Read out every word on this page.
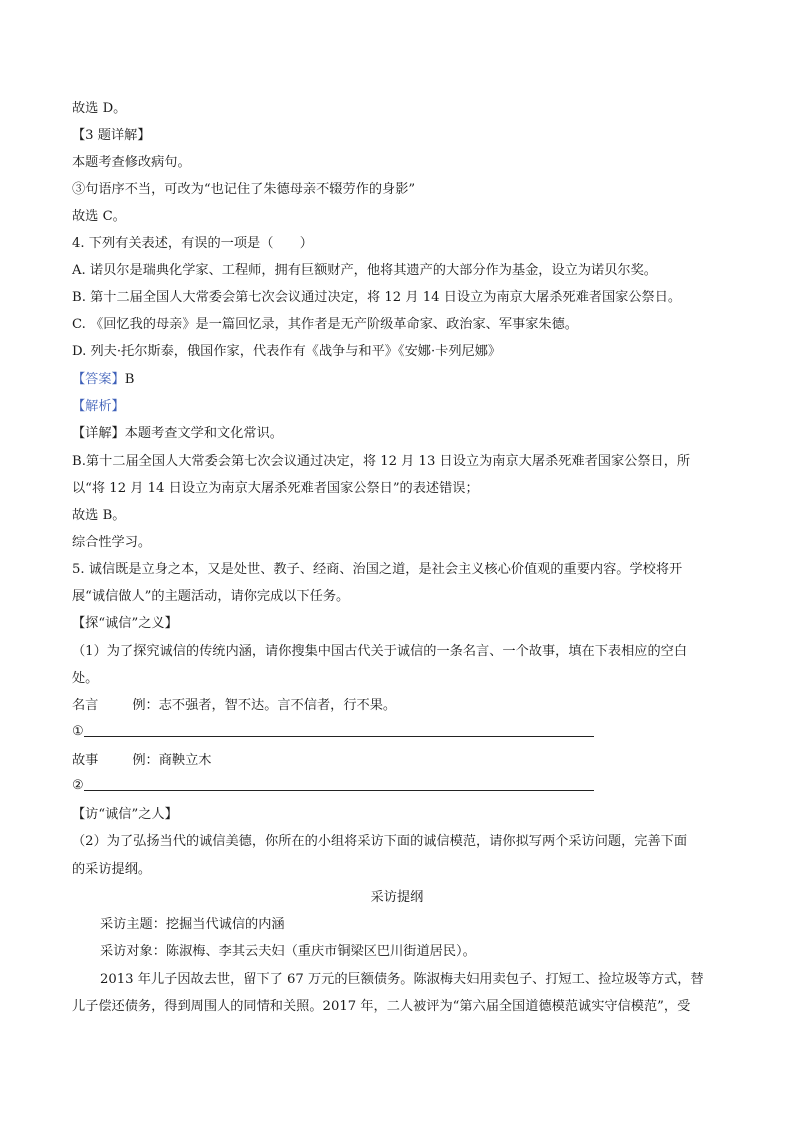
故选 D。
【3 题详解】
本题考查修改病句。
③句语序不当，可改为“也记住了朱德母亲不辍劳作的身影”
故选 C。
4. 下列有关表述，有误的一项是（　　）
A. 诺贝尔是瑞典化学家、工程师，拥有巨额财产，他将其遗产的大部分作为基金，设立为诺贝尔奖。
B. 第十二届全国人大常委会第七次会议通过决定，将 12 月 14 日设立为南京大屠杀死难者国家公祭日。
C. 《回忆我的母亲》是一篇回忆录，其作者是无产阶级革命家、政治家、军事家朱德。
D. 列夫·托尔斯泰，俄国作家，代表作有《战争与和平》《安娜·卡列尼娜》
【答案】B
【解析】
【详解】本题考查文学和文化常识。
B.第十二届全国人大常委会第七次会议通过决定，将 12 月 13 日设立为南京大屠杀死难者国家公祭日，所
以“将 12 月 14 日设立为南京大屠杀死难者国家公祭日”的表述错误；
故选 B。
综合性学习。
5. 诚信既是立身之本，又是处世、教子、经商、治国之道，是社会主义核心价值观的重要内容。学校将开
展“诚信做人”的主题活动，请你完成以下任务。
【探“诚信”之义】
（1）为了探究诚信的传统内涵，请你搜集中国古代关于诚信的一条名言、一个故事，填在下表相应的空白
处。
名言	例：志不强者，智不达。言不信者，行不果。
①
故事	例：商鞅立木
②
【访“诚信”之人】
（2）为了弘扬当代的诚信美德，你所在的小组将采访下面的诚信模范，请你拟写两个采访问题，完善下面
的采访提纲。
采访提纲
采访主题：挖掘当代诚信的内涵
采访对象：陈淑梅、李其云夫妇（重庆市铜梁区巴川街道居民）。
2013 年儿子因故去世，留下了 67 万元的巨额债务。陈淑梅夫妇用卖包子、打短工、捡垃圾等方式，替
儿子偿还债务，得到周围人的同情和关照。2017 年，二人被评为“第六届全国道德模范诚实守信模范”，受
